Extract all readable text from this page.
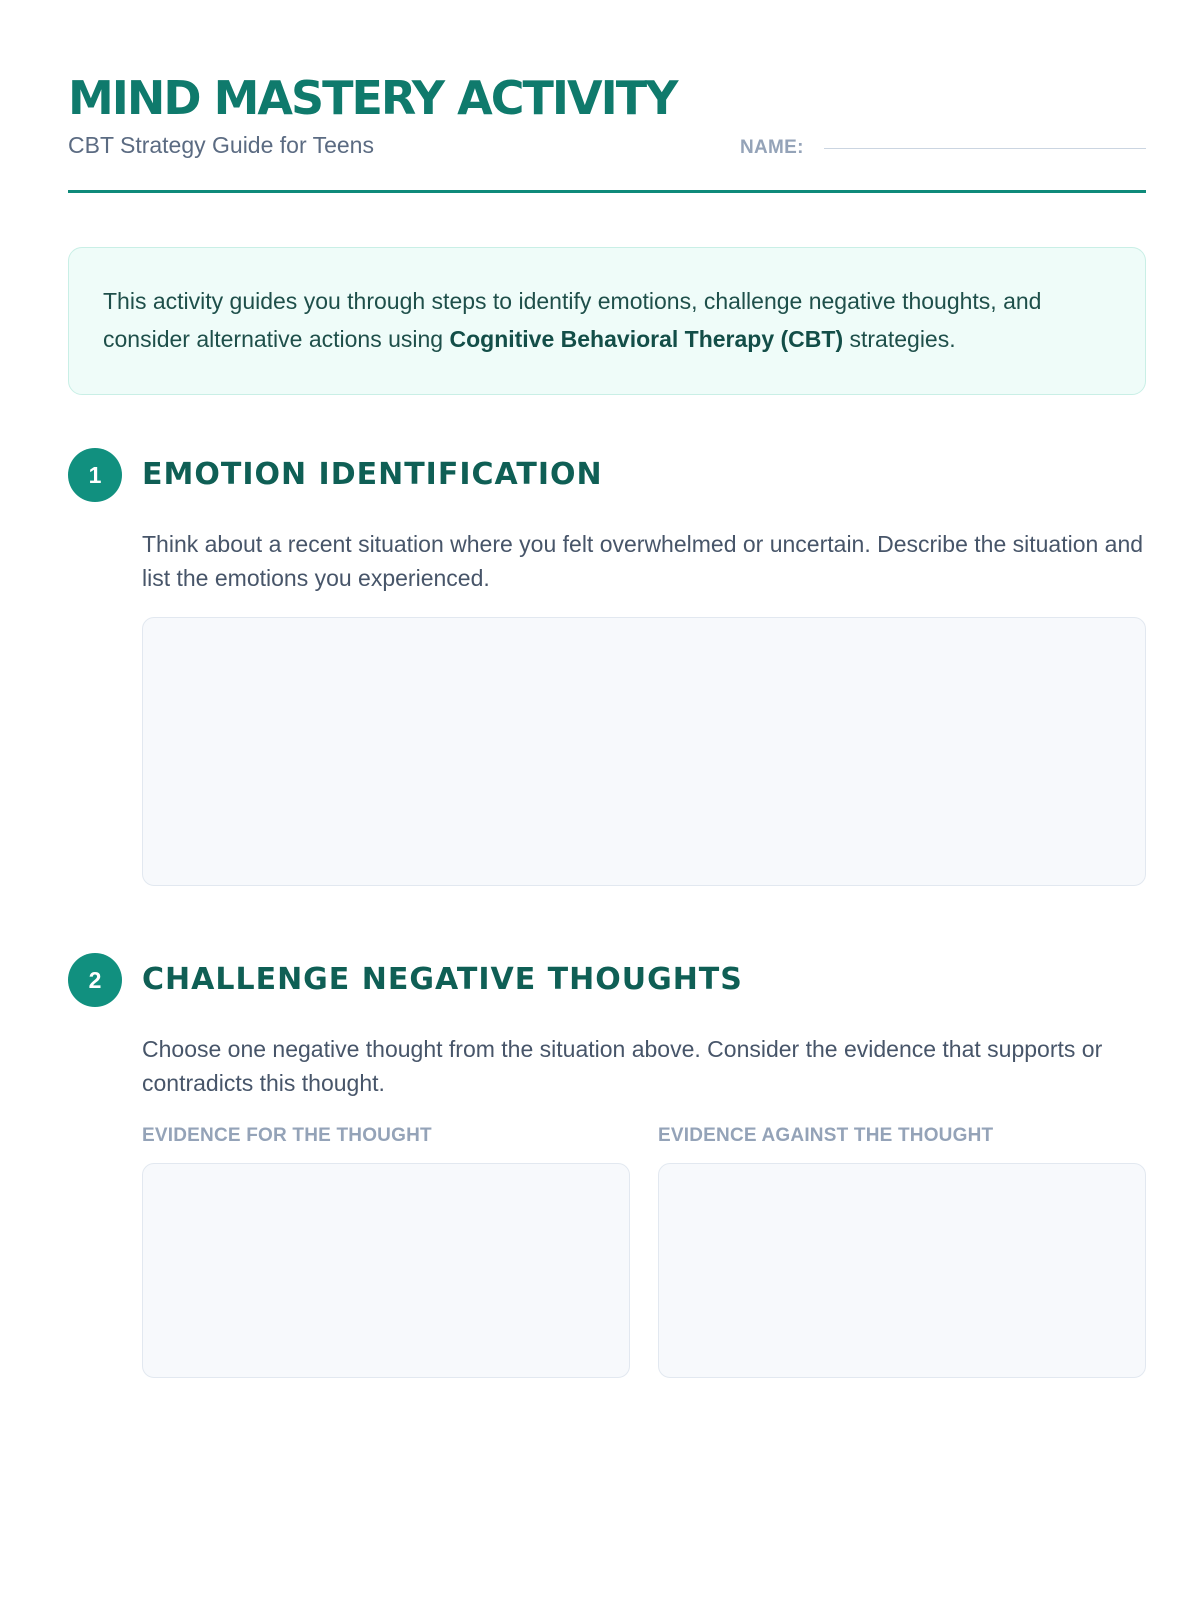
MIND MASTERY ACTIVITY
CBT Strategy Guide for Teens	NAME:
This activity guides you through steps to identify emotions, challenge negative thoughts, and consider alternative actions using Cognitive Behavioral Therapy (CBT) strategies.
1	EMOTION IDENTIFICATION

Think about a recent situation where you felt overwhelmed or uncertain. Describe the situation and list the emotions you experienced.

2	CHALLENGE NEGATIVE THOUGHTS

Choose one negative thought from the situation above. Consider the evidence that supports or contradicts this thought.

EVIDENCE FOR THE THOUGHT	EVIDENCE AGAINST THE THOUGHT
